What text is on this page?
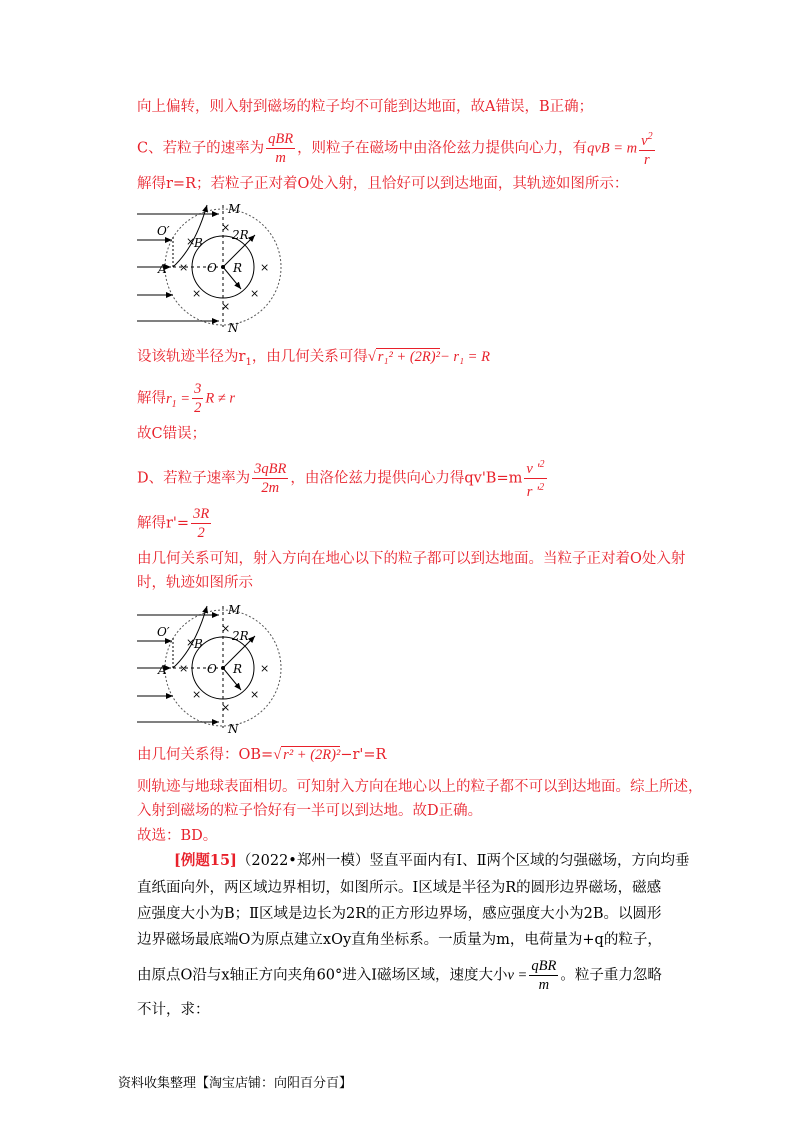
向上偏转，则入射到磁场的粒子均不可能到达地面，故A错误，B正确；
C、若粒子的速率为 $\frac{\text{qBR}}{m}$ ，则粒子在磁场中由洛伦兹力提供向心力，有qvB = m $\frac{v^2}{r}$
解得r=R；若粒子正对着O处入射，且恰好可以到达地面，其轨迹如图所示：
M
N
O′
A
B
O R
2R
×
×
×	×
×
×
×
设该轨迹半径为$r_1$，由几何关系可得√ r₁² + (2R)²− r₁ = R
解得$r_1 = \frac{3}{2}$ R ≠ r
故C错误；
D、若粒子速率为 $\frac{\text{3qBR}}{2m}$ ，由洛伦兹力提供向心力得$qv'B=m \frac{v '^2}{r '^2}$
解得$r'= \frac{3R}{2}$
由几何关系可知，射入方向在地心以下的粒子都可以到达地面。当粒子正对着O处入射
时，轨迹如图所示
M
N
O′
A
B
O R
2R
×
×
×	×
×
×
×
由几何关系得：OB=√ r² + (2R)²−r'=R
则轨迹与地球表面相切。可知射入方向在地心以上的粒子都不可以到达地面。综上所述，
入射到磁场的粒子恰好有一半可以到达地。故D正确。
故选：BD。
[例题15]（2022•郑州一模）竖直平面内有Ⅰ、Ⅱ两个区域的匀强磁场，方向均垂
直纸面向外，两区域边界相切，如图所示。Ⅰ区域是半径为R的圆形边界磁场，磁感
应强度大小为B；Ⅱ区域是边长为2R的正方形边界场，感应强度大小为2B。以圆形
边界磁场最底端O为原点建立xOy直角坐标系。一质量为m，电荷量为+q的粒子，
由原点O沿与x轴正方向夹角60°进入Ⅰ磁场区域，速度大小$v = \frac{\text{qBR}}{m}$ 。粒子重力忽略
不计，求：
资料收集整理【淘宝店铺：向阳百分百】
